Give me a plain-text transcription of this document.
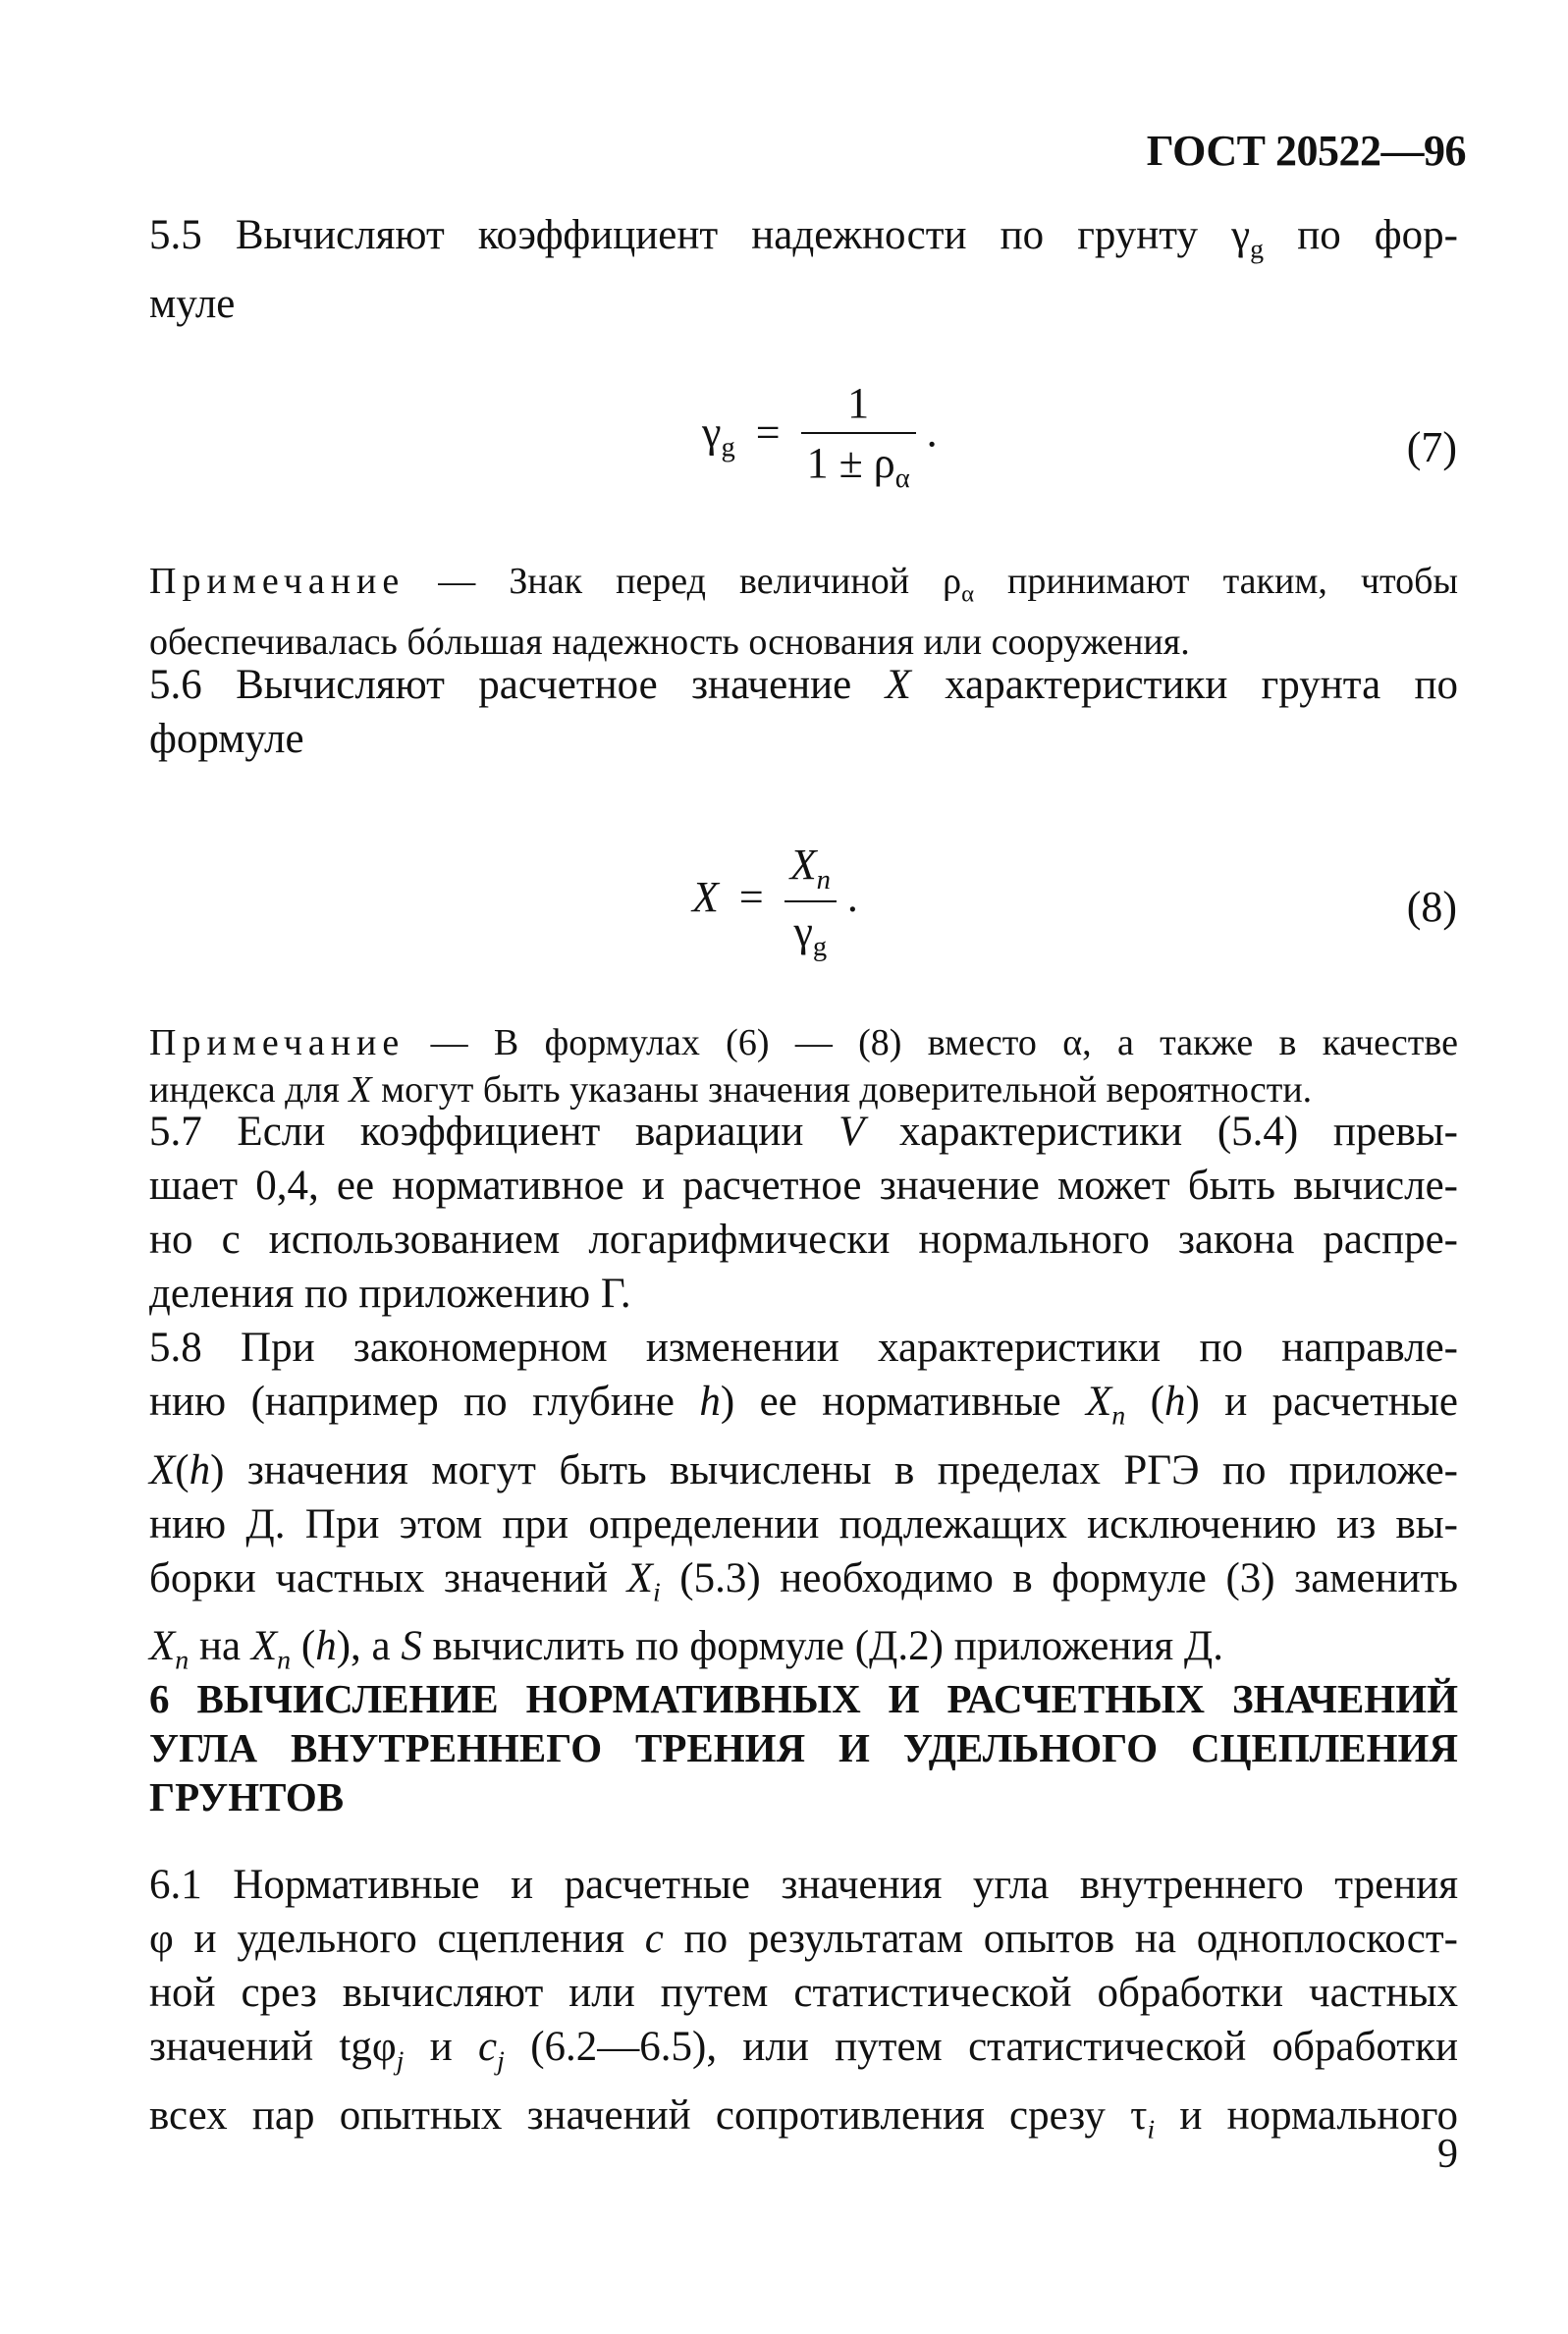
ГОСТ 20522—96
5.5 Вычисляют коэффициент надежности по грунту $\gamma_g$ по фор-
муле
$\gamma_g = \frac{1}{1 \pm \rho_\alpha}$ .	(7)
Примечание — Знак перед величиной $\rho_\alpha$ принимают таким, чтобы
обеспечивалась бóльшая надежность основания или сооружения.
5.6 Вычисляют расчетное значение X характеристики грунта по
формуле
$X = \frac{X_n}{\gamma_g}$ .	(8)
Примечание — В формулах (6) — (8) вместо α, а также в качестве
индекса для X могут быть указаны значения доверительной вероятности.
5.7 Если коэффициент вариации V характеристики (5.4) превы-
шает 0,4, ее нормативное и расчетное значение может быть вычисле-
но с использованием логарифмически нормального закона распре-
деления по приложению Г.
5.8 При закономерном изменении характеристики по направле-
нию (например по глубине h) ее нормативные $X_n$ (h) и расчетные
X(h) значения могут быть вычислены в пределах РГЭ по приложе-
нию Д. При этом при определении подлежащих исключению из вы-
борки частных значений $X_i$ (5.3) необходимо в формуле (3) заменить
$X_n$ на $X_n$ (h), а S вычислить по формуле (Д.2) приложения Д.
6 ВЫЧИСЛЕНИЕ НОРМАТИВНЫХ И РАСЧЕТНЫХ ЗНАЧЕНИЙ
УГЛА ВНУТРЕННЕГО ТРЕНИЯ И УДЕЛЬНОГО СЦЕПЛЕНИЯ
ГРУНТОВ
6.1 Нормативные и расчетные значения угла внутреннего трения
φ и удельного сцепления c по результатам опытов на одноплоскост-
ной срез вычисляют или путем статистической обработки частных
значений tgφ$_j$ и $c_j$ (6.2—6.5), или путем статистической обработки
всех пар опытных значений сопротивления срезу $\tau_i$ и нормального
9
